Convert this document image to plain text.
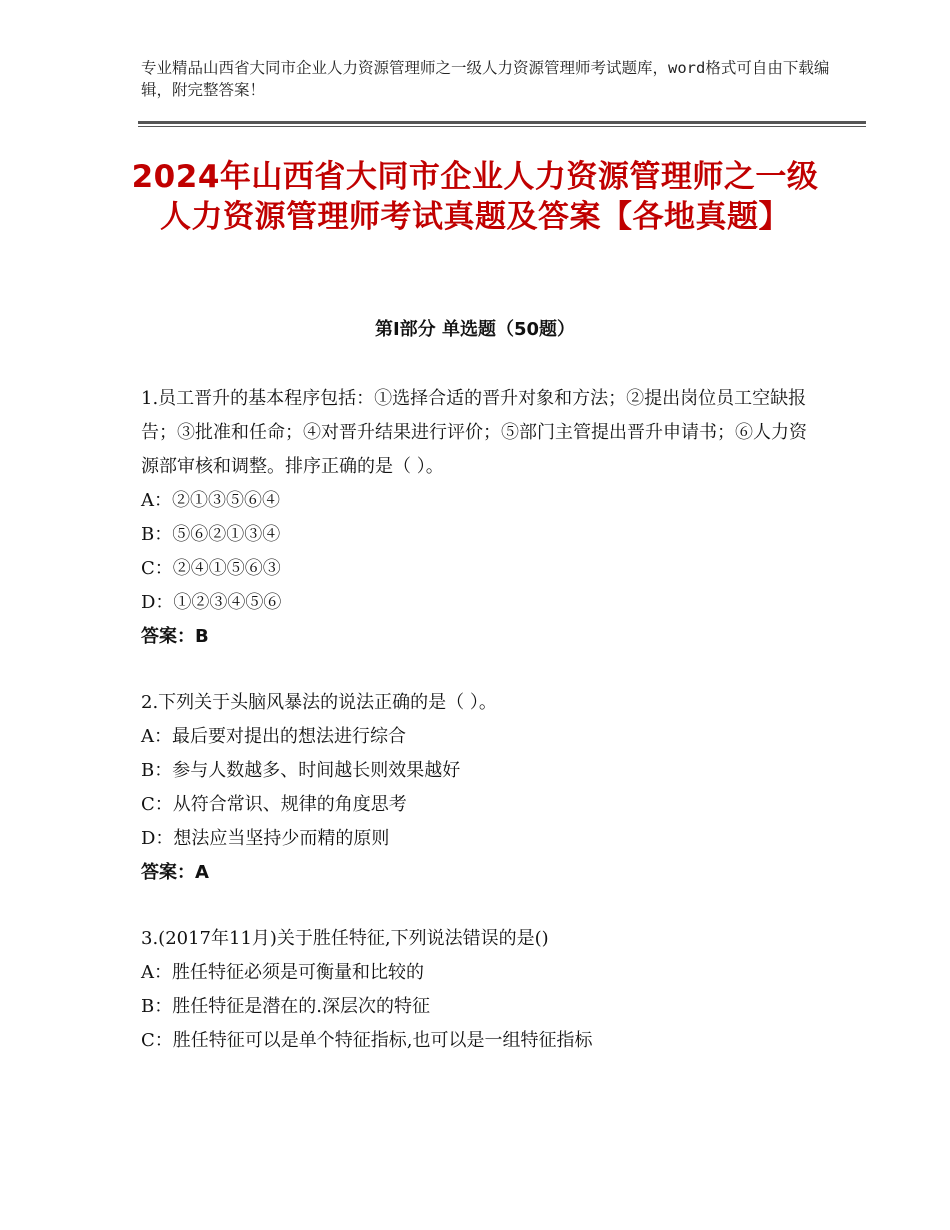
专业精品山西省大同市企业人力资源管理师之一级人力资源管理师考试题库，word格式可自由下载编辑，附完整答案！
2024年山西省大同市企业人力资源管理师之一级人力资源管理师考试真题及答案【各地真题】
第Ⅰ部分 单选题（50题）
1.员工晋升的基本程序包括：①选择合适的晋升对象和方法；②提出岗位员工空缺报告；③批准和任命；④对晋升结果进行评价；⑤部门主管提出晋升申请书；⑥人力资源部审核和调整。排序正确的是（ ）。
A：②①③⑤⑥④
B：⑤⑥②①③④
C：②④①⑤⑥③
D：①②③④⑤⑥
答案：B
2.下列关于头脑风暴法的说法正确的是（ ）。
A：最后要对提出的想法进行综合
B：参与人数越多、时间越长则效果越好
C：从符合常识、规律的角度思考
D：想法应当坚持少而精的原则
答案：A
3.(2017年11月)关于胜任特征,下列说法错误的是()
A：胜任特征必须是可衡量和比较的
B：胜任特征是潜在的.深层次的特征
C：胜任特征可以是单个特征指标,也可以是一组特征指标
